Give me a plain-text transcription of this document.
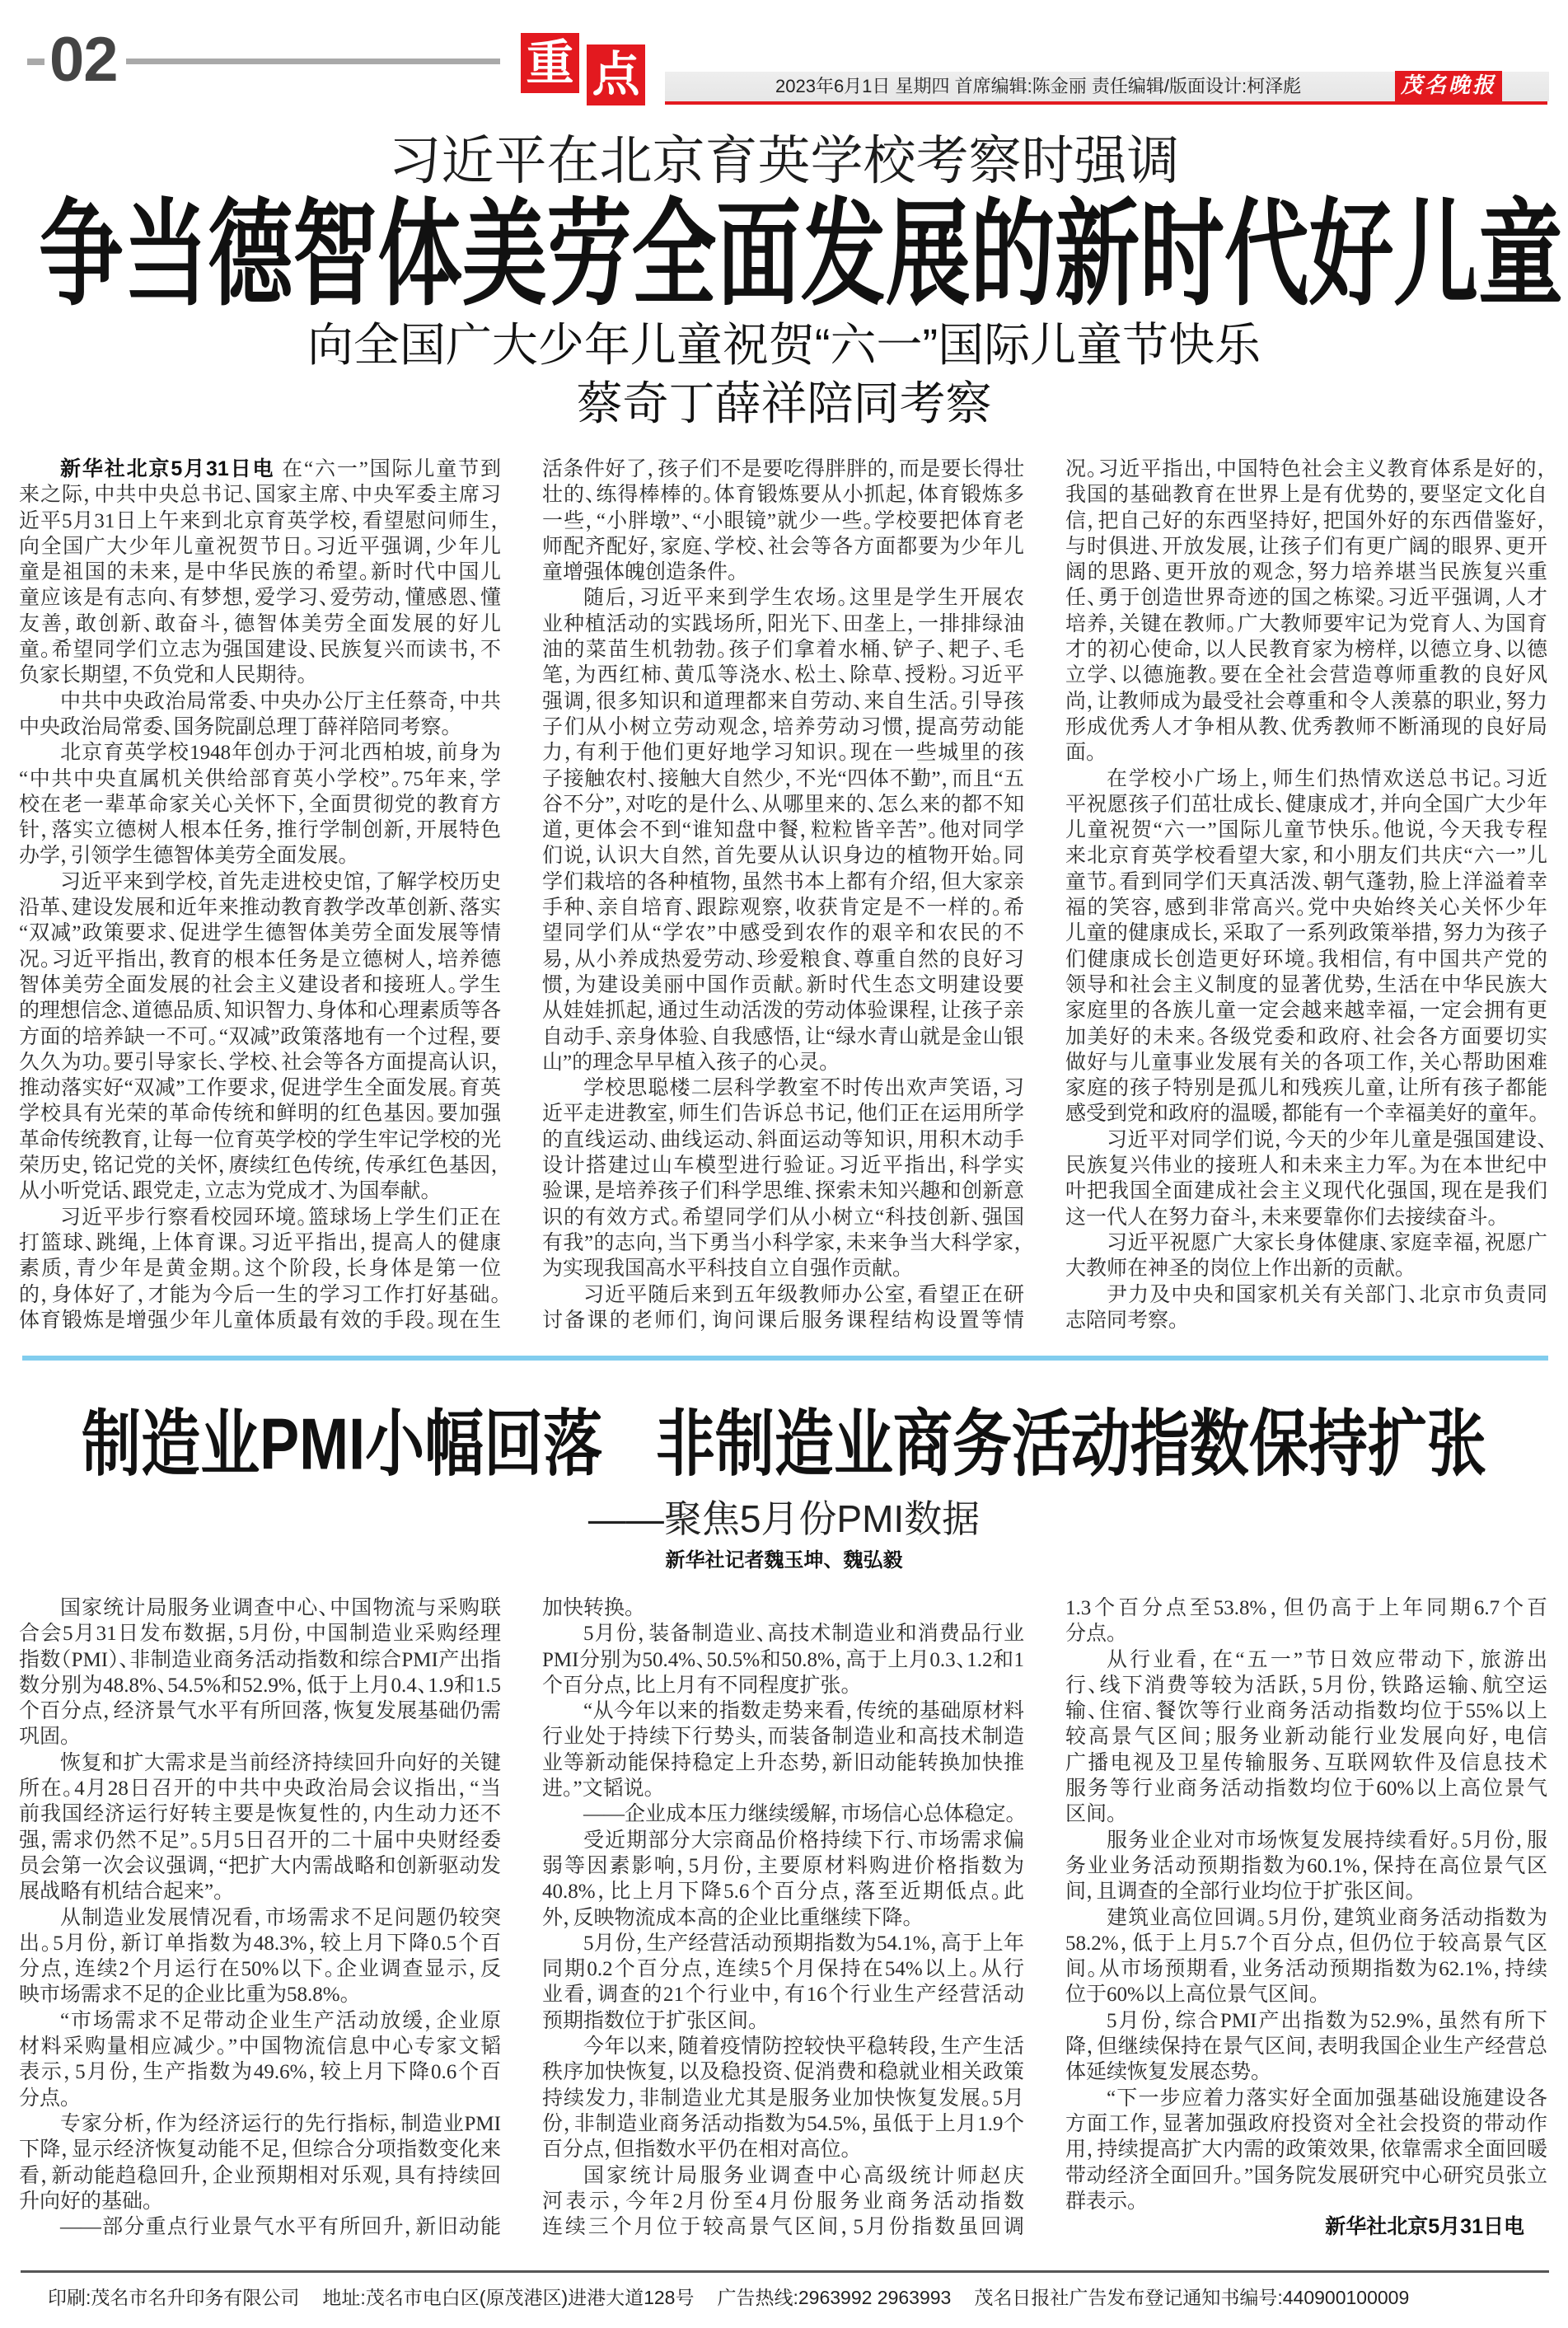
02	重 点	2023年6月1日 星期四 首席编辑:陈金丽 责任编辑/版面设计:柯泽彪	茂名晚报
习近平在北京育英学校考察时强调
争当德智体美劳全面发展的新时代好儿童
向全国广大少年儿童祝贺“六一”国际儿童节快乐
蔡奇丁薛祥陪同考察
新华社北京5月31日电 在“六一”国际儿童节到
来之际，中共中央总书记、国家主席、中央军委主席习
近平5月31日上午来到北京育英学校，看望慰问师生，
向全国广大少年儿童祝贺节日。习近平强调，少年儿
童是祖国的未来，是中华民族的希望。新时代中国儿
童应该是有志向、有梦想，爱学习、爱劳动，懂感恩、懂
友善，敢创新、敢奋斗，德智体美劳全面发展的好儿
童。希望同学们立志为强国建设、民族复兴而读书，不
负家长期望，不负党和人民期待。
中共中央政治局常委、中央办公厅主任蔡奇，中共
中央政治局常委、国务院副总理丁薛祥陪同考察。
北京育英学校1948年创办于河北西柏坡，前身为
“中共中央直属机关供给部育英小学校”。75年来，学
校在老一辈革命家关心关怀下，全面贯彻党的教育方
针，落实立德树人根本任务，推行学制创新，开展特色
办学，引领学生德智体美劳全面发展。
习近平来到学校，首先走进校史馆，了解学校历史
沿革、建设发展和近年来推动教育教学改革创新、落实
“双减”政策要求、促进学生德智体美劳全面发展等情
况。习近平指出，教育的根本任务是立德树人，培养德
智体美劳全面发展的社会主义建设者和接班人。学生
的理想信念、道德品质、知识智力、身体和心理素质等各
方面的培养缺一不可。“双减”政策落地有一个过程，要
久久为功。要引导家长、学校、社会等各方面提高认识，
推动落实好“双减”工作要求，促进学生全面发展。育英
学校具有光荣的革命传统和鲜明的红色基因。要加强
革命传统教育，让每一位育英学校的学生牢记学校的光
荣历史，铭记党的关怀，赓续红色传统，传承红色基因，
从小听党话、跟党走，立志为党成才、为国奉献。
习近平步行察看校园环境。篮球场上学生们正在
打篮球、跳绳，上体育课。习近平指出，提高人的健康
素质，青少年是黄金期。这个阶段，长身体是第一位
的，身体好了，才能为今后一生的学习工作打好基础。
体育锻炼是增强少年儿童体质最有效的手段。现在生
活条件好了，孩子们不是要吃得胖胖的，而是要长得壮
壮的、练得棒棒的。体育锻炼要从小抓起，体育锻炼多
一些，“小胖墩”、“小眼镜”就少一些。学校要把体育老
师配齐配好，家庭、学校、社会等各方面都要为少年儿
童增强体魄创造条件。
随后，习近平来到学生农场。这里是学生开展农
业种植活动的实践场所，阳光下、田垄上，一排排绿油
油的菜苗生机勃勃。孩子们拿着水桶、铲子、耙子、毛
笔，为西红柿、黄瓜等浇水、松土、除草、授粉。习近平
强调，很多知识和道理都来自劳动、来自生活。引导孩
子们从小树立劳动观念，培养劳动习惯，提高劳动能
力，有利于他们更好地学习知识。现在一些城里的孩
子接触农村、接触大自然少，不光“四体不勤”，而且“五
谷不分”，对吃的是什么、从哪里来的、怎么来的都不知
道，更体会不到“谁知盘中餐，粒粒皆辛苦”。他对同学
们说，认识大自然，首先要从认识身边的植物开始。同
学们栽培的各种植物，虽然书本上都有介绍，但大家亲
手种、亲自培育、跟踪观察，收获肯定是不一样的。希
望同学们从“学农”中感受到农作的艰辛和农民的不
易，从小养成热爱劳动、珍爱粮食、尊重自然的良好习
惯，为建设美丽中国作贡献。新时代生态文明建设要
从娃娃抓起，通过生动活泼的劳动体验课程，让孩子亲
自动手、亲身体验、自我感悟，让“绿水青山就是金山银
山”的理念早早植入孩子的心灵。
学校思聪楼二层科学教室不时传出欢声笑语，习
近平走进教室，师生们告诉总书记，他们正在运用所学
的直线运动、曲线运动、斜面运动等知识，用积木动手
设计搭建过山车模型进行验证。习近平指出，科学实
验课，是培养孩子们科学思维、探索未知兴趣和创新意
识的有效方式。希望同学们从小树立“科技创新、强国
有我”的志向，当下勇当小科学家，未来争当大科学家，
为实现我国高水平科技自立自强作贡献。
习近平随后来到五年级教师办公室，看望正在研
讨备课的老师们，询问课后服务课程结构设置等情
况。习近平指出，中国特色社会主义教育体系是好的，
我国的基础教育在世界上是有优势的，要坚定文化自
信，把自己好的东西坚持好，把国外好的东西借鉴好，
与时俱进、开放发展，让孩子们有更广阔的眼界、更开
阔的思路、更开放的观念，努力培养堪当民族复兴重
任、勇于创造世界奇迹的国之栋梁。习近平强调，人才
培养，关键在教师。广大教师要牢记为党育人、为国育
才的初心使命，以人民教育家为榜样，以德立身、以德
立学、以德施教。要在全社会营造尊师重教的良好风
尚，让教师成为最受社会尊重和令人羡慕的职业，努力
形成优秀人才争相从教、优秀教师不断涌现的良好局
面。
在学校小广场上，师生们热情欢送总书记。习近
平祝愿孩子们茁壮成长、健康成才，并向全国广大少年
儿童祝贺“六一”国际儿童节快乐。他说，今天我专程
来北京育英学校看望大家，和小朋友们共庆“六一”儿
童节。看到同学们天真活泼、朝气蓬勃，脸上洋溢着幸
福的笑容，感到非常高兴。党中央始终关心关怀少年
儿童的健康成长，采取了一系列政策举措，努力为孩子
们健康成长创造更好环境。我相信，有中国共产党的
领导和社会主义制度的显著优势，生活在中华民族大
家庭里的各族儿童一定会越来越幸福，一定会拥有更
加美好的未来。各级党委和政府、社会各方面要切实
做好与儿童事业发展有关的各项工作，关心帮助困难
家庭的孩子特别是孤儿和残疾儿童，让所有孩子都能
感受到党和政府的温暖，都能有一个幸福美好的童年。
习近平对同学们说，今天的少年儿童是强国建设、
民族复兴伟业的接班人和未来主力军。为在本世纪中
叶把我国全面建成社会主义现代化强国，现在是我们
这一代人在努力奋斗，未来要靠你们去接续奋斗。
习近平祝愿广大家长身体健康、家庭幸福，祝愿广
大教师在神圣的岗位上作出新的贡献。
尹力及中央和国家机关有关部门、北京市负责同
志陪同考察。
制造业PMI小幅回落 非制造业商务活动指数保持扩张
——聚焦5月份PMI数据
新华社记者魏玉坤、魏弘毅
国家统计局服务业调查中心、中国物流与采购联
合会5月31日发布数据，5月份，中国制造业采购经理
指数（PMI）、非制造业商务活动指数和综合PMI产出指
数分别为48.8%、54.5%和52.9%，低于上月0.4、1.9和1.5
个百分点，经济景气水平有所回落，恢复发展基础仍需
巩固。
恢复和扩大需求是当前经济持续回升向好的关键
所在。4月28日召开的中共中央政治局会议指出，“当
前我国经济运行好转主要是恢复性的，内生动力还不
强，需求仍然不足”。5月5日召开的二十届中央财经委
员会第一次会议强调，“把扩大内需战略和创新驱动发
展战略有机结合起来”。
从制造业发展情况看，市场需求不足问题仍较突
出。5月份，新订单指数为48.3%，较上月下降0.5个百
分点，连续2个月运行在50%以下。企业调查显示，反
映市场需求不足的企业比重为58.8%。
“市场需求不足带动企业生产活动放缓，企业原
材料采购量相应减少。”中国物流信息中心专家文韬
表示，5月份，生产指数为49.6%，较上月下降0.6个百
分点。
专家分析，作为经济运行的先行指标，制造业PMI
下降，显示经济恢复动能不足，但综合分项指数变化来
看，新动能趋稳回升，企业预期相对乐观，具有持续回
升向好的基础。
——部分重点行业景气水平有所回升，新旧动能
加快转换。
5月份，装备制造业、高技术制造业和消费品行业
PMI分别为50.4%、50.5%和50.8%，高于上月0.3、1.2和1
个百分点，比上月有不同程度扩张。
“从今年以来的指数走势来看，传统的基础原材料
行业处于持续下行势头，而装备制造业和高技术制造
业等新动能保持稳定上升态势，新旧动能转换加快推
进。”文韬说。
——企业成本压力继续缓解，市场信心总体稳定。
受近期部分大宗商品价格持续下行、市场需求偏
弱等因素影响，5月份，主要原材料购进价格指数为
40.8%，比上月下降5.6个百分点，落至近期低点。此
外，反映物流成本高的企业比重继续下降。
5月份，生产经营活动预期指数为54.1%，高于上年
同期0.2个百分点，连续5个月保持在54%以上。从行
业看，调查的21个行业中，有16个行业生产经营活动
预期指数位于扩张区间。
今年以来，随着疫情防控较快平稳转段，生产生活
秩序加快恢复，以及稳投资、促消费和稳就业相关政策
持续发力，非制造业尤其是服务业加快恢复发展。5月
份，非制造业商务活动指数为54.5%，虽低于上月1.9个
百分点，但指数水平仍在相对高位。
国家统计局服务业调查中心高级统计师赵庆
河表示，今年2月份至4月份服务业商务活动指数
连续三个月位于较高景气区间，5月份指数虽回调
1.3个百分点至53.8%，但仍高于上年同期6.7个百
分点。
从行业看，在“五一”节日效应带动下，旅游出
行、线下消费等较为活跃，5月份，铁路运输、航空运
输、住宿、餐饮等行业商务活动指数均位于55%以上
较高景气区间；服务业新动能行业发展向好，电信
广播电视及卫星传输服务、互联网软件及信息技术
服务等行业商务活动指数均位于60%以上高位景气
区间。
服务业企业对市场恢复发展持续看好。5月份，服
务业业务活动预期指数为60.1%，保持在高位景气区
间，且调查的全部行业均位于扩张区间。
建筑业高位回调。5月份，建筑业商务活动指数为
58.2%，低于上月5.7个百分点，但仍位于较高景气区
间。从市场预期看，业务活动预期指数为62.1%，持续
位于60%以上高位景气区间。
5月份，综合PMI产出指数为52.9%，虽然有所下
降，但继续保持在景气区间，表明我国企业生产经营总
体延续恢复发展态势。
“下一步应着力落实好全面加强基础设施建设各
方面工作，显著加强政府投资对全社会投资的带动作
用，持续提高扩大内需的政策效果，依靠需求全面回暖
带动经济全面回升。”国务院发展研究中心研究员张立
群表示。
新华社北京5月31日电
印刷:茂名市名升印务有限公司 地址:茂名市电白区(原茂港区)进港大道128号 广告热线:2963992 2963993 茂名日报社广告发布登记通知书编号:440900100009
